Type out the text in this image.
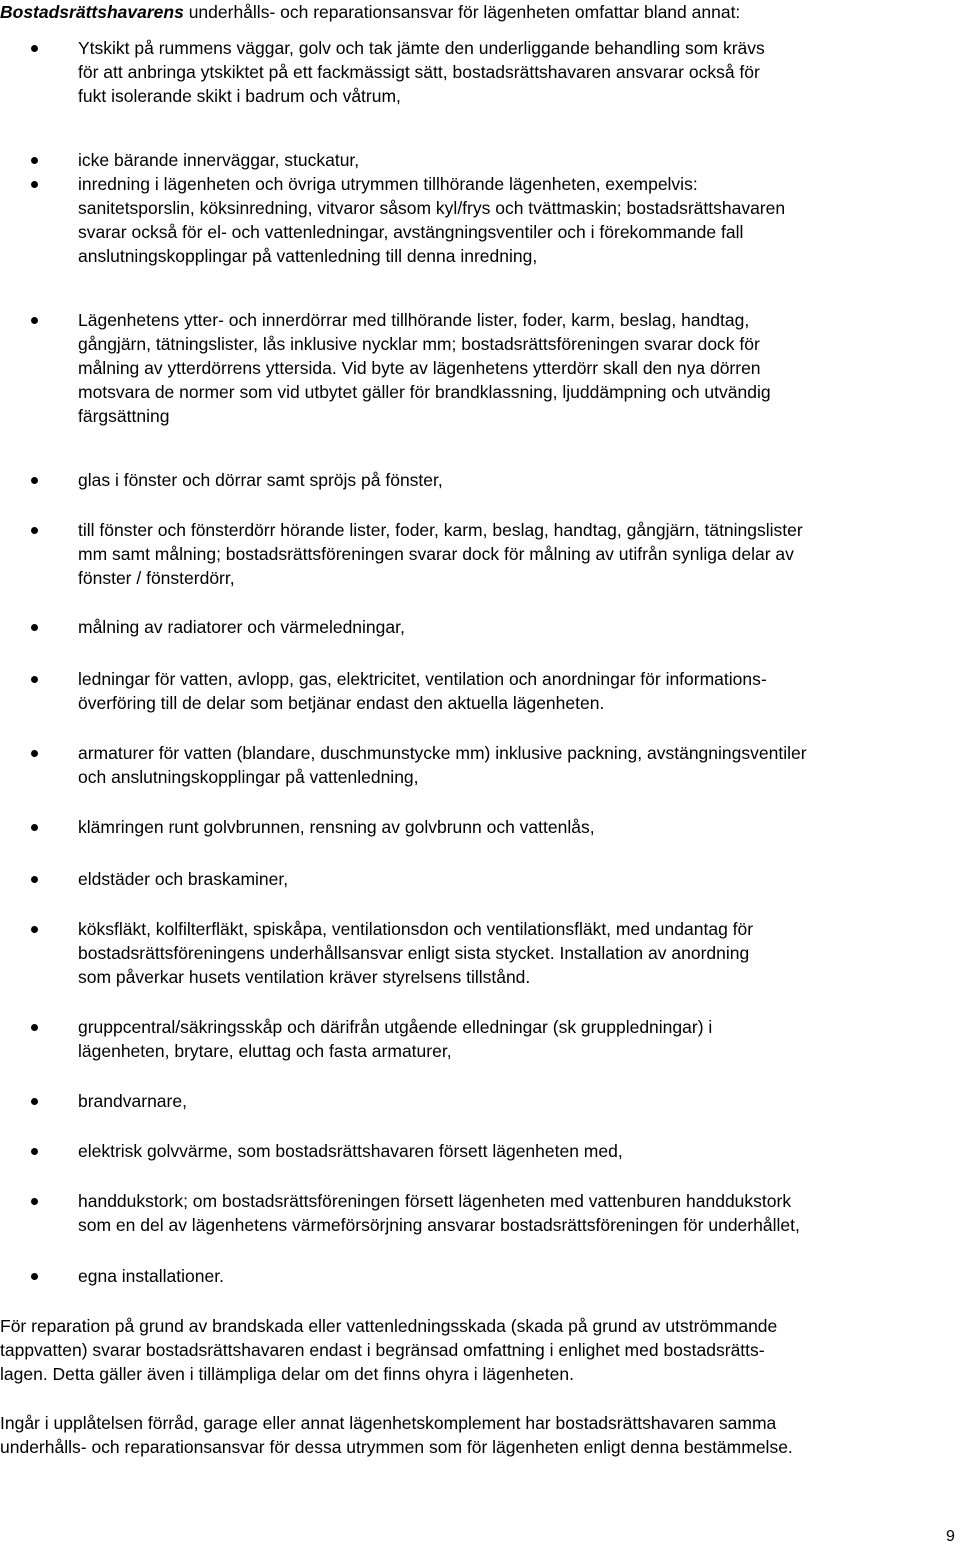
Bostadsrättshavarens underhålls- och reparationsansvar för lägenheten omfattar bland annat:
Ytskikt på rummens väggar, golv och tak jämte den underliggande behandling som krävs
för att anbringa ytskiktet på ett fackmässigt sätt, bostadsrättshavaren ansvarar också för
fukt isolerande skikt i badrum och våtrum,
icke bärande innerväggar, stuckatur,
inredning i lägenheten och övriga utrymmen tillhörande lägenheten, exempelvis:
sanitetsporslin, köksinredning, vitvaror såsom kyl/frys och tvättmaskin; bostadsrättshavaren
svarar också för el- och vattenledningar, avstängningsventiler och i förekommande fall
anslutningskopplingar på vattenledning till denna inredning,
Lägenhetens ytter- och innerdörrar med tillhörande lister, foder, karm, beslag, handtag,
gångjärn, tätningslister, lås inklusive nycklar mm; bostadsrättsföreningen svarar dock för
målning av ytterdörrens yttersida. Vid byte av lägenhetens ytterdörr skall den nya dörren
motsvara de normer som vid utbytet gäller för brandklassning, ljuddämpning och utvändig
färgsättning
glas i fönster och dörrar samt spröjs på fönster,
till fönster och fönsterdörr hörande lister, foder, karm, beslag, handtag, gångjärn, tätningslister
mm samt målning; bostadsrättsföreningen svarar dock för målning av utifrån synliga delar av
fönster / fönsterdörr,
målning av radiatorer och värmeledningar,
ledningar för vatten, avlopp, gas, elektricitet, ventilation och anordningar för informations-
överföring till de delar som betjänar endast den aktuella lägenheten.
armaturer för vatten (blandare, duschmunstycke mm) inklusive packning, avstängningsventiler
och anslutningskopplingar på vattenledning,
klämringen runt golvbrunnen, rensning av golvbrunn och vattenlås,
eldstäder och braskaminer,
köksfläkt, kolfilterfläkt, spiskåpa, ventilationsdon och ventilationsfläkt, med undantag för
bostadsrättsföreningens underhållsansvar enligt sista stycket. Installation av anordning
som påverkar husets ventilation kräver styrelsens tillstånd.
gruppcentral/säkringsskåp och därifrån utgående elledningar (sk gruppledningar) i
lägenheten, brytare, eluttag och fasta armaturer,
brandvarnare,
elektrisk golvvärme, som bostadsrättshavaren försett lägenheten med,
handdukstork; om bostadsrättsföreningen försett lägenheten med vattenburen handdukstork
som en del av lägenhetens värmeförsörjning ansvarar bostadsrättsföreningen för underhållet,
egna installationer.
För reparation på grund av brandskada eller vattenledningsskada (skada på grund av utströmmande
tappvatten) svarar bostadsrättshavaren endast i begränsad omfattning i enlighet med bostadsrätts-
lagen. Detta gäller även i tillämpliga delar om det finns ohyra i lägenheten.
Ingår i upplåtelsen förråd, garage eller annat lägenhetskomplement har bostadsrättshavaren samma
underhålls- och reparationsansvar för dessa utrymmen som för lägenheten enligt denna bestämmelse.
9
